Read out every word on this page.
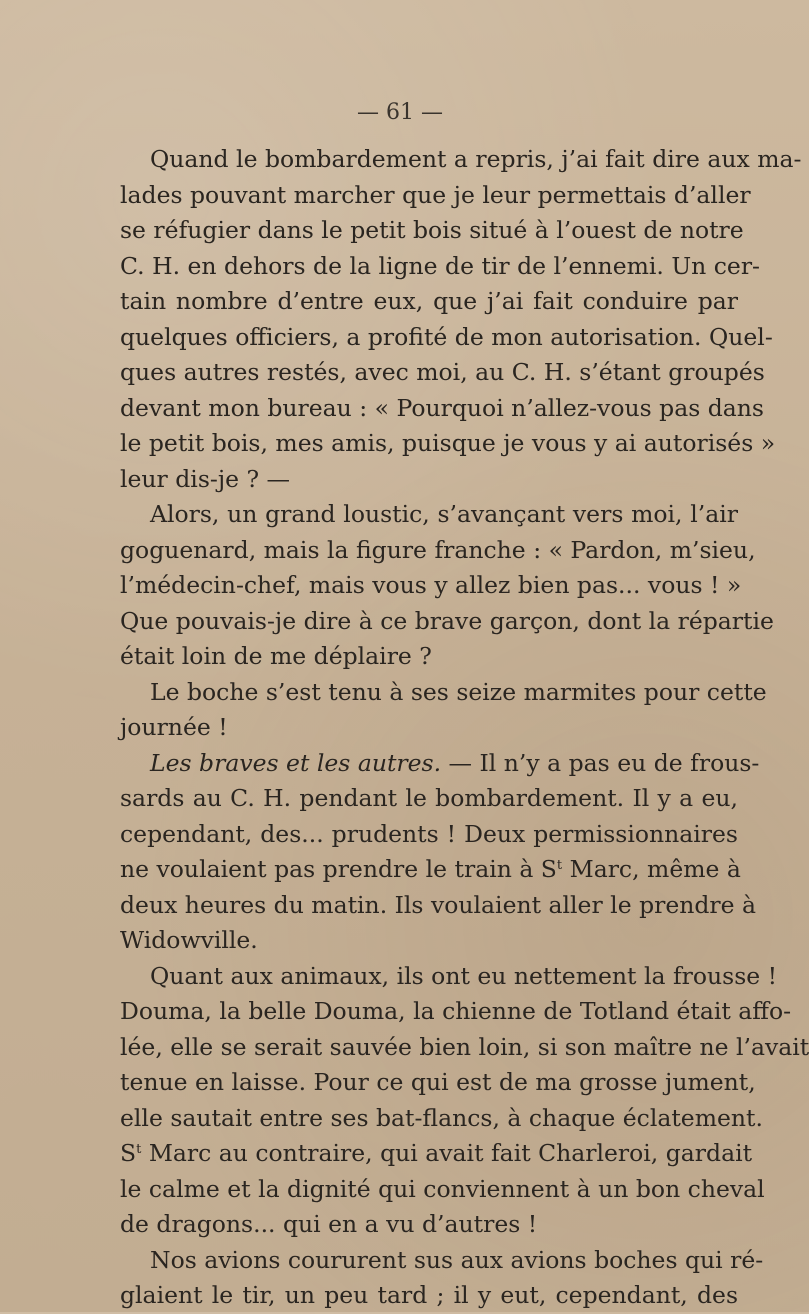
— 61 —
Quand le bombardement a repris, j’ai fait dire aux ma-
lades pouvant marcher que je leur permettais d’aller
se réfugier dans le petit bois situé à l’ouest de notre
C. H. en dehors de la ligne de tir de l’ennemi. Un cer-
tain nombre d’entre eux, que j’ai fait conduire par
quelques officiers, a profité de mon autorisation. Quel-
ques autres restés, avec moi, au C. H. s’étant groupés
devant mon bureau : « Pourquoi n’allez-vous pas dans
le petit bois, mes amis, puisque je vous y ai autorisés »
leur dis-je ? —
Alors, un grand loustic, s’avançant vers moi, l’air
goguenard, mais la figure franche : « Pardon, m’sieu,
l’médecin-chef, mais vous y allez bien pas... vous ! »
Que pouvais-je dire à ce brave garçon, dont la répartie
était loin de me déplaire ?
Le boche s’est tenu à ses seize marmites pour cette
journée !
Les braves et les autres. — Il n’y a pas eu de frous-
sards au C. H. pendant le bombardement. Il y a eu,
cependant, des... prudents ! Deux permissionnaires
ne voulaient pas prendre le train à $S^t$ Marc, même à
deux heures du matin. Ils voulaient aller le prendre à
Widowville.
Quant aux animaux, ils ont eu nettement la frousse !
Douma, la belle Douma, la chienne de Totland était affo-
lée, elle se serait sauvée bien loin, si son maître ne l’avait
tenue en laisse. Pour ce qui est de ma grosse jument,
elle sautait entre ses bat-flancs, à chaque éclatement.
$S^t$ Marc au contraire, qui avait fait Charleroi, gardait
le calme et la dignité qui conviennent à un bon cheval
de dragons... qui en a vu d’autres !
Nos avions coururent sus aux avions boches qui ré-
glaient le tir, un peu tard ; il y eut, cependant, des
